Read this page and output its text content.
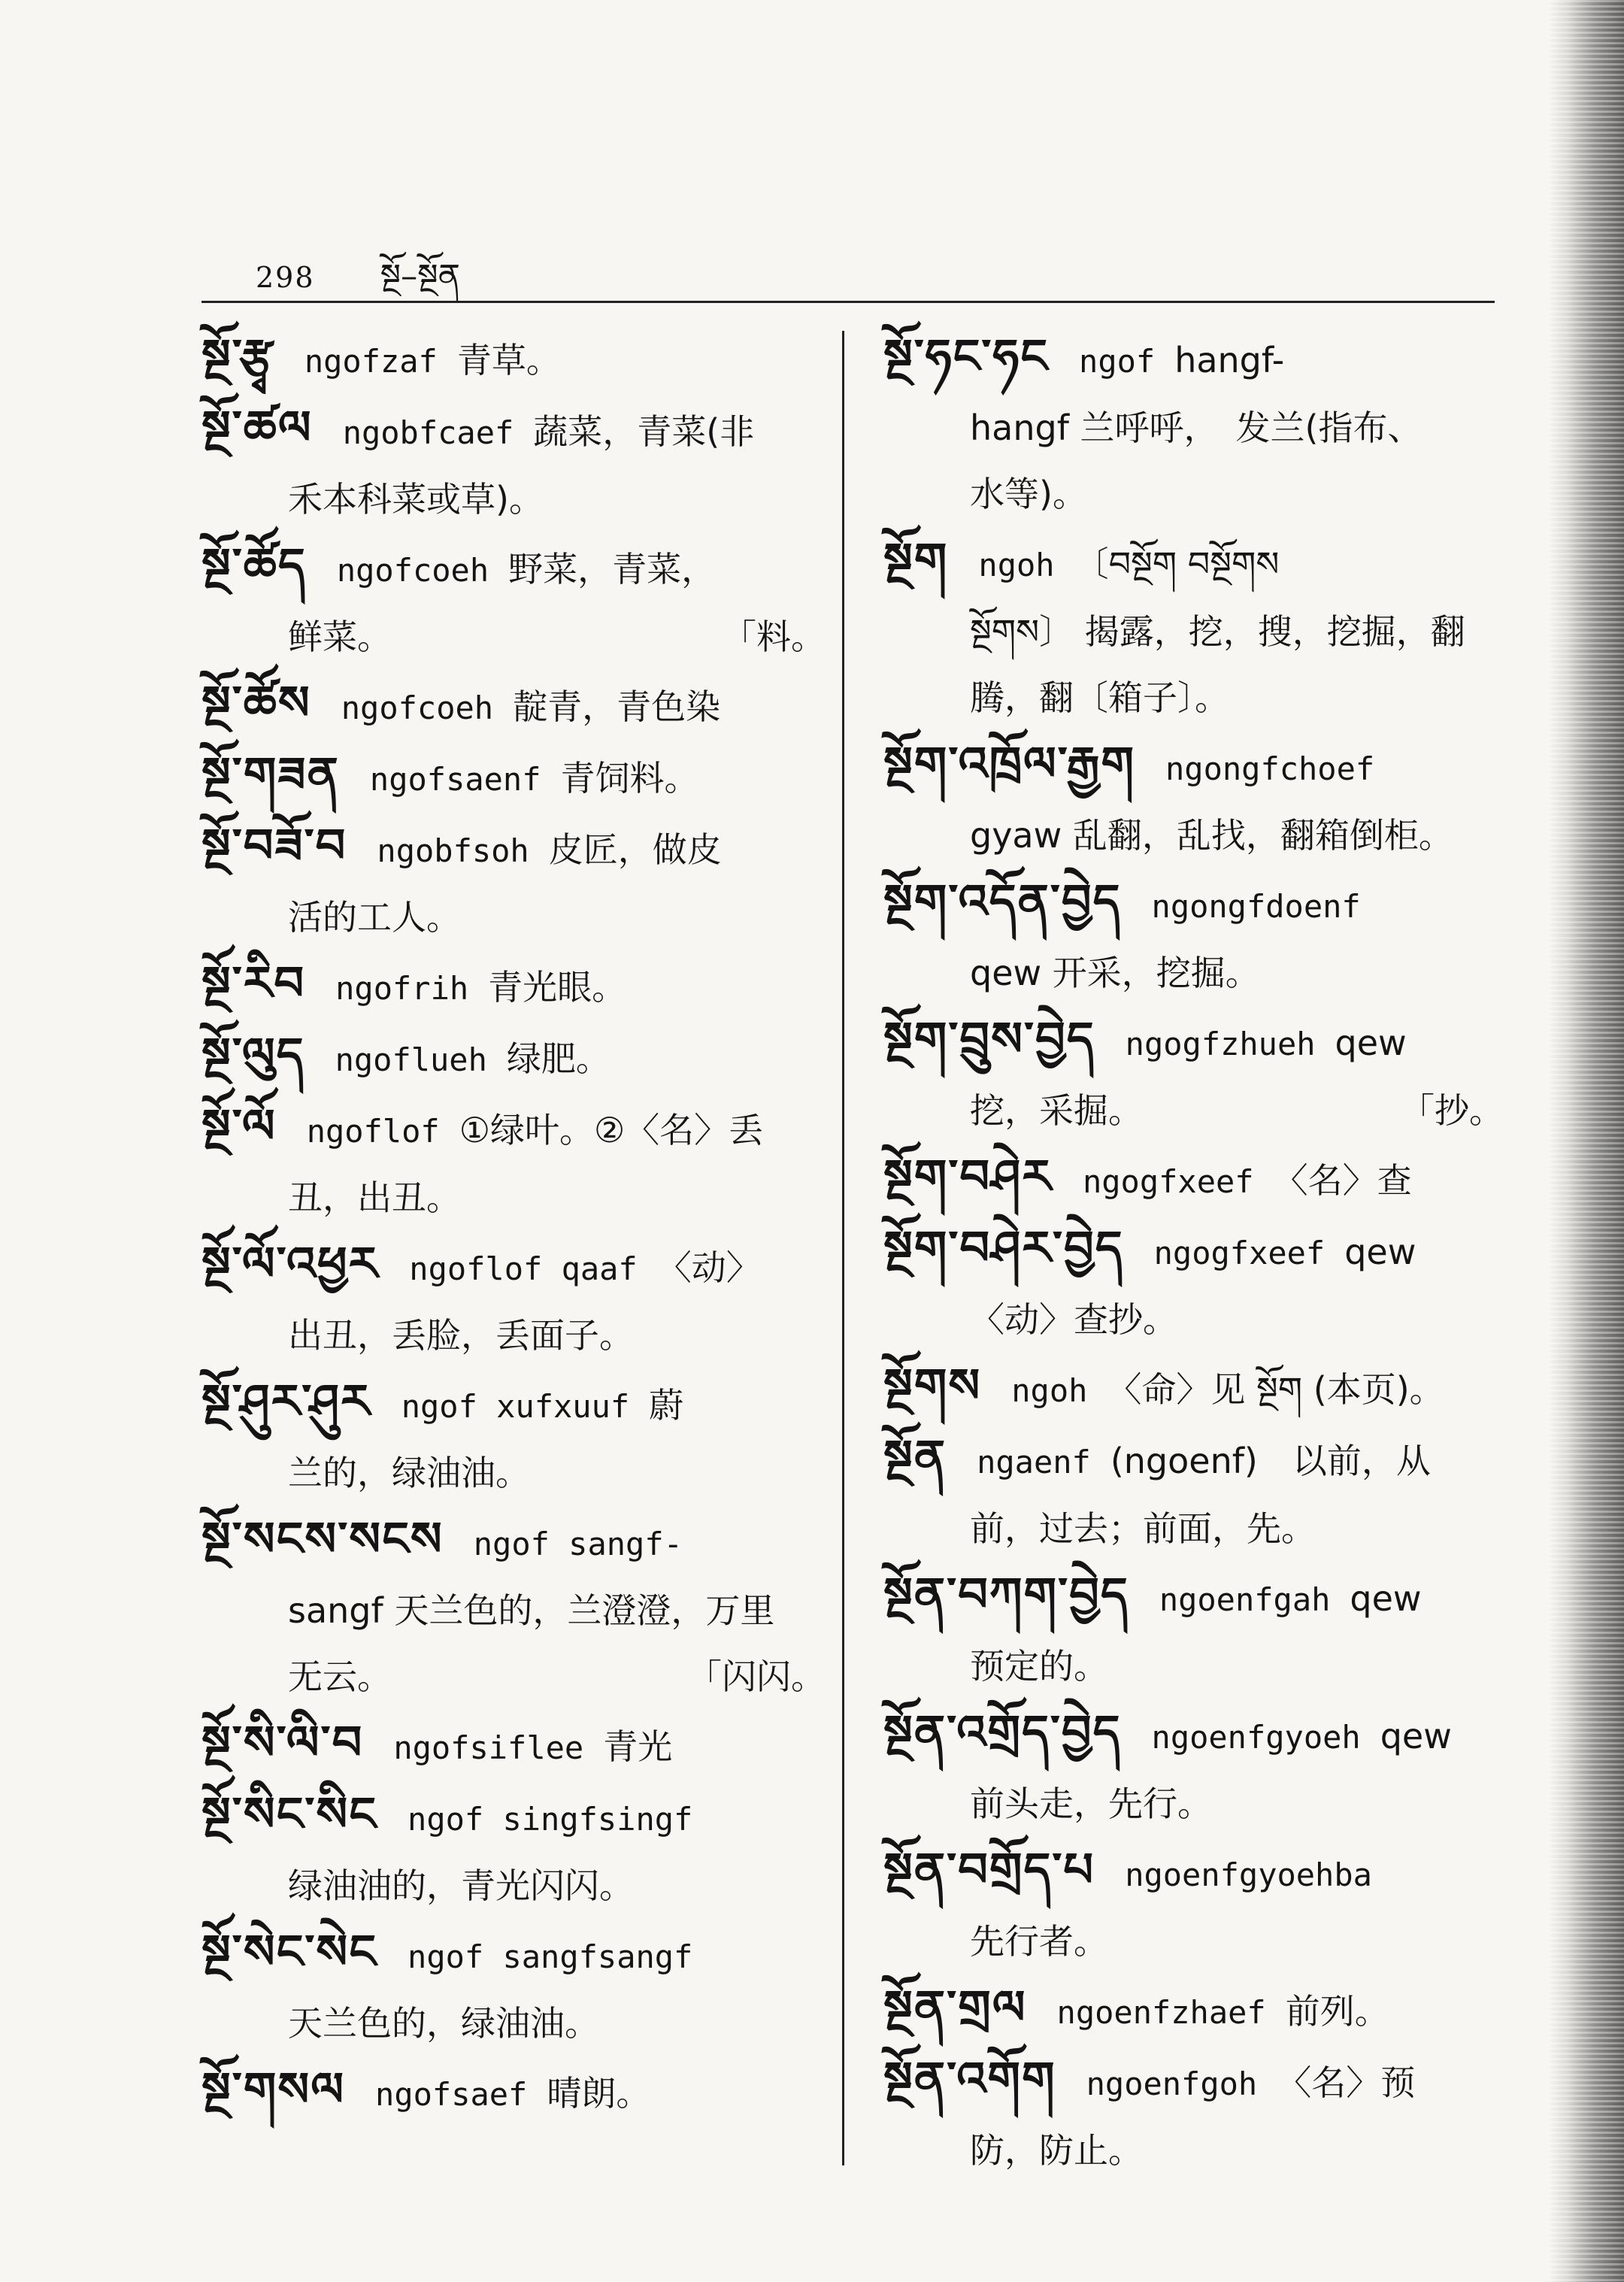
298 སྔོ–སྔོན
སྔོ་རྩྭ ngofzaf 青草。
སྔོ་ཚལ ngobfcaef 蔬菜，青菜(非
禾本科菜或草)。
སྔོ་ཚོད ngofcoeh 野菜，青菜，
鲜菜。	「料。
སྔོ་ཚོས ngofcoeh 靛青，青色染
སྔོ་གཟན ngofsaenf 青饲料。
སྔོ་བཟོ་བ ngobfsoh 皮匠，做皮
活的工人。
སྔོ་རིབ ngofrih 青光眼。
སྔོ་ལུད ngoflueh 绿肥。
སྔོ་ལོ ngoflof ①绿叶。②〈名〉丢
丑，出丑。
སྔོ་ལོ་འཕྱར ngoflof qaaf 〈动〉
出丑，丢脸，丢面子。
སྔོ་ཤུར་ཤུར ngof xufxuuf 蔚
兰的，绿油油。
སྔོ་སངས་སངས ngof sangf-
sangf 天兰色的，兰澄澄，万里
无云。	「闪闪。
སྔོ་སི་ལི་བ ngofsiflee 青光
སྔོ་སིང་སིང ngof singfsingf
绿油油的，青光闪闪。
སྔོ་སེང་སེང ngof sangfsangf
天兰色的，绿油油。
སྔོ་གསལ ngofsaef 晴朗。
སྔོ་ཧང་ཧང ngof hangf-
hangf 兰呼呼，　发兰(指布、
水等)。
སྔོག ngoh 〔བསྔོག བསྔོགས
སྔོགས〕 揭露，挖，搜，挖掘，翻
腾，翻〔箱子〕。
སྔོག་འཁྲོལ་རྒྱག ngongfchoef
gyaw 乱翻，乱找，翻箱倒柜。
སྔོག་འདོན་བྱེད ngongfdoenf
qew 开采，挖掘。
སྔོག་བྲུས་བྱེད ngogfzhueh qew
挖，采掘。	「抄。
སྔོག་བཤེར ngogfxeef 〈名〉查
སྔོག་བཤེར་བྱེད ngogfxeef qew
〈动〉查抄。
སྔོགས ngoh 〈命〉见 སྔོག (本页)。
སྔོན ngaenf (ngoenf)　以前，从
前，过去；前面，先。
སྔོན་བཀག་བྱེད ngoenfgah qew
预定的。
སྔོན་འགྲོད་བྱེད ngoenfgyoeh qew
前头走，先行。
སྔོན་བགྲོད་པ ngoenfgyoehba
先行者。
སྔོན་གྲལ ngoenfzhaef 前列。
སྔོན་འགོག ngoenfgoh 〈名〉预
防，防止。
